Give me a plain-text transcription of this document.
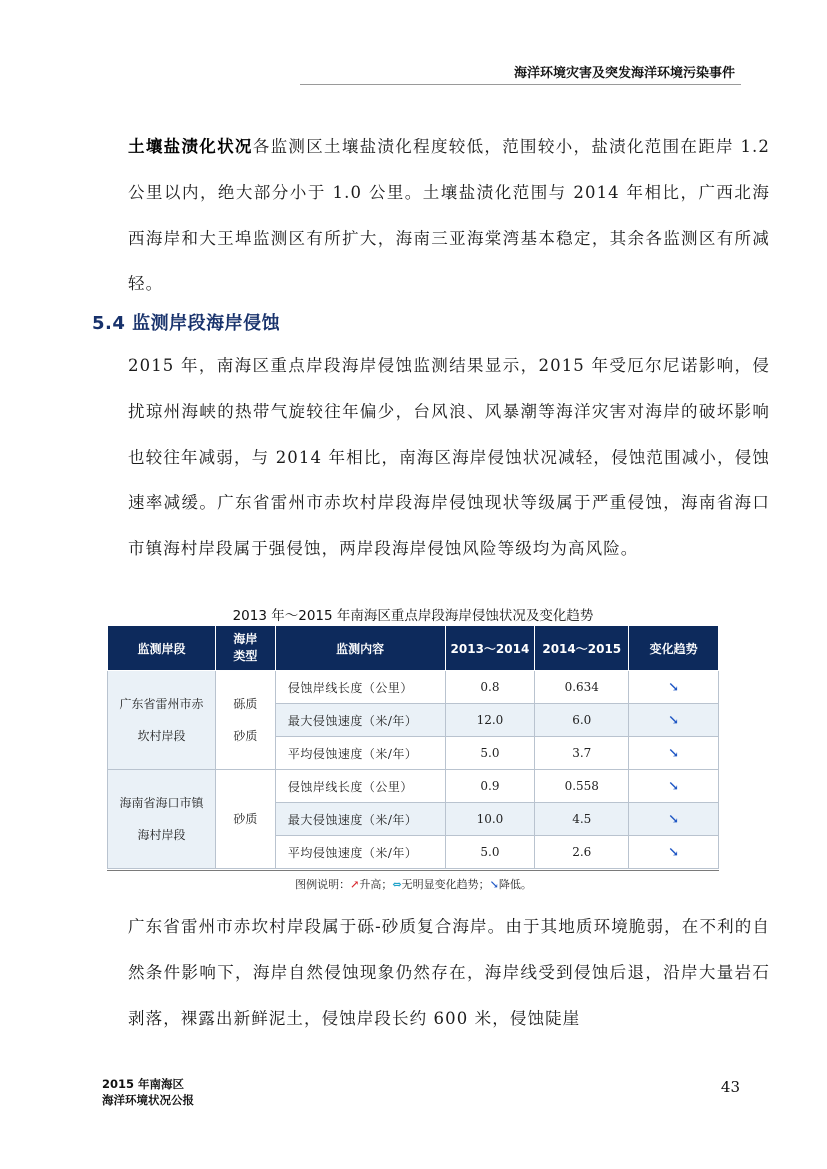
海洋环境灾害及突发海洋环境污染事件

土壤盐渍化状况各监测区土壤盐渍化程度较低，范围较小，盐渍化范围在距岸 1.2 公里以内，绝大部分小于 1.0 公里。土壤盐渍化范围与 2014 年相比，广西北海西海岸和大王埠监测区有所扩大，海南三亚海棠湾基本稳定，其余各监测区有所减轻。

5.4 监测岸段海岸侵蚀

2015 年，南海区重点岸段海岸侵蚀监测结果显示，2015 年受厄尔尼诺影响，侵扰琼州海峡的热带气旋较往年偏少，台风浪、风暴潮等海洋灾害对海岸的破坏影响也较往年减弱，与 2014 年相比，南海区海岸侵蚀状况减轻，侵蚀范围减小，侵蚀速率减缓。广东省雷州市赤坎村岸段海岸侵蚀现状等级属于严重侵蚀，海南省海口市镇海村岸段属于强侵蚀，两岸段海岸侵蚀风险等级均为高风险。

2013 年～2015 年南海区重点岸段海岸侵蚀状况及变化趋势
监测岸段	海岸类型	监测内容	2013～2014	2014～2015	变化趋势
广东省雷州市赤坎村岸段	砾质砂质	侵蚀岸线长度（公里）	0.8	0.634	↘
		最大侵蚀速度（米/年）	12.0	6.0	↘
		平均侵蚀速度（米/年）	5.0	3.7	↘
海南省海口市镇海村岸段	砂质	侵蚀岸线长度（公里）	0.9	0.558	↘
		最大侵蚀速度（米/年）	10.0	4.5	↘
		平均侵蚀速度（米/年）	5.0	2.6	↘
图例说明：↗升高；⇔无明显变化趋势；↘降低。

广东省雷州市赤坎村岸段属于砾-砂质复合海岸。由于其地质环境脆弱，在不利的自然条件影响下，海岸自然侵蚀现象仍然存在，海岸线受到侵蚀后退，沿岸大量岩石剥落，裸露出新鲜泥土，侵蚀岸段长约 600 米，侵蚀陡崖

2015 年南海区
海洋环境状况公报
43
